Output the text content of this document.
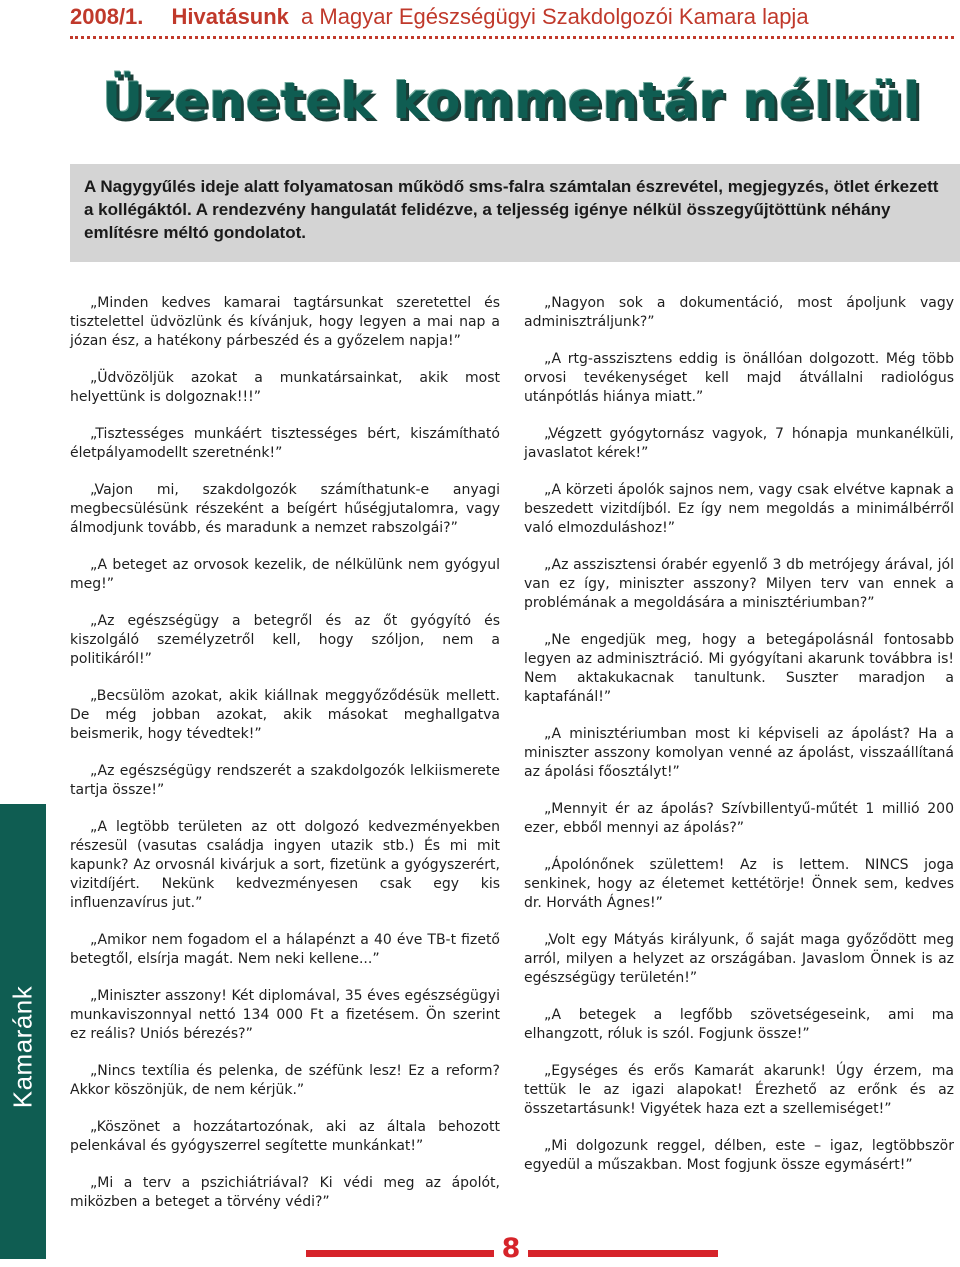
2008/1. Hivatásunk a Magyar Egészségügyi Szakdolgozói Kamara lapja
Üzenetek kommentár nélkül
A Nagygyűlés ideje alatt folyamatosan működő sms-falra számtalan észrevétel, megjegyzés, ötlet érkezett a kollégáktól. A rendezvény hangulatát felidézve, a teljesség igénye nélkül összegyűjtöttünk néhány említésre méltó gondolatot.

„Minden kedves kamarai tagtársunkat szeretettel és tisztelettel üdvözlünk és kívánjuk, hogy legyen a mai nap a józan ész, a hatékony párbeszéd és a győzelem napja!”

„Üdvözöljük azokat a munkatársainkat, akik most helyettünk is dolgoznak!!!”

„Tisztességes munkáért tisztességes bért, kiszámítható életpályamodellt szeretnénk!”

„Vajon mi, szakdolgozók számíthatunk-e anyagi megbecsülésünk részeként a beígért hűségjutalomra, vagy álmodjunk tovább, és maradunk a nemzet rabszolgái?”

„A beteget az orvosok kezelik, de nélkülünk nem gyógyul meg!”

„Az egészségügy a betegről és az őt gyógyító és kiszolgáló személyzetről kell, hogy szóljon, nem a politikáról!”

„Becsülöm azokat, akik kiállnak meggyőződésük mellett. De még jobban azokat, akik másokat meghallgatva beismerik, hogy tévedtek!”

„Az egészségügy rendszerét a szakdolgozók lelkiismerete tartja össze!”

„A legtöbb területen az ott dolgozó kedvezményekben részesül (vasutas családja ingyen utazik stb.) És mi mit kapunk? Az orvosnál kivárjuk a sort, fizetünk a gyógyszerért, vizitdíjért. Nekünk kedvezményesen csak egy kis influenzavírus jut.”

„Amikor nem fogadom el a hálapénzt a 40 éve TB-t fizető betegtől, elsírja magát. Nem neki kellene...”

„Miniszter asszony! Két diplomával, 35 éves egészségügyi munkaviszonnyal nettó 134 000 Ft a fizetésem. Ön szerint ez reális? Uniós bérezés?”

„Nincs textília és pelenka, de széfünk lesz! Ez a reform? Akkor köszönjük, de nem kérjük.”

„Köszönet a hozzátartozónak, aki az általa behozott pelenkával és gyógyszerrel segítette munkánkat!”

„Mi a terv a pszichiátriával? Ki védi meg az ápolót, miközben a beteget a törvény védi?”

„Nagyon sok a dokumentáció, most ápoljunk vagy adminisztráljunk?”

„A rtg-asszisztens eddig is önállóan dolgozott. Még több orvosi tevékenységet kell majd átvállalni radiológus utánpótlás hiánya miatt.”

„Végzett gyógytornász vagyok, 7 hónapja munkanélküli, javaslatot kérek!”

„A körzeti ápolók sajnos nem, vagy csak elvétve kapnak a beszedett vizitdíjból. Ez így nem megoldás a minimálbérről való elmozduláshoz!”

„Az asszisztensi órabér egyenlő 3 db metrójegy árával, jól van ez így, miniszter asszony? Milyen terv van ennek a problémának a megoldására a minisztériumban?”

„Ne engedjük meg, hogy a betegápolásnál fontosabb legyen az adminisztráció. Mi gyógyítani akarunk továbbra is! Nem aktakukacnak tanultunk. Suszter maradjon a kaptafánál!”

„A minisztériumban most ki képviseli az ápolást? Ha a miniszter asszony komolyan venné az ápolást, visszaállítaná az ápolási főosztályt!”

„Mennyit ér az ápolás? Szívbillentyű-műtét 1 millió 200 ezer, ebből mennyi az ápolás?”

„Ápolónőnek születtem! Az is lettem. NINCS joga senkinek, hogy az életemet kettétörje! Önnek sem, kedves dr. Horváth Ágnes!”

„Volt egy Mátyás királyunk, ő saját maga győződött meg arról, milyen a helyzet az országában. Javaslom Önnek is az egészségügy területén!”

„A betegek a legfőbb szövetségeseink, ami ma elhangzott, róluk is szól. Fogjunk össze!”

„Egységes és erős Kamarát akarunk! Úgy érzem, ma tettük le az igazi alapokat! Érezhető az erőnk és az összetartásunk! Vigyétek haza ezt a szellemiséget!”

„Mi dolgozunk reggel, délben, este – igaz, legtöbbször egyedül a műszakban. Most fogjunk össze egymásért!”

Kamaránk
8
